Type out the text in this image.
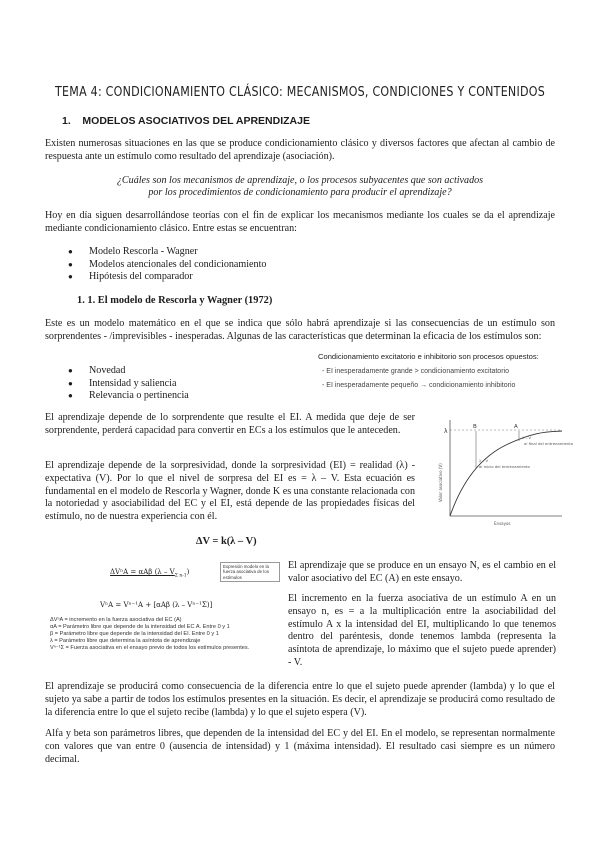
TEMA 4: CONDICIONAMIENTO CLÁSICO: MECANISMOS, CONDICIONES Y CONTENIDOS
1.    MODELOS ASOCIATIVOS DEL APRENDIZAJE
Existen numerosas situaciones en las que se produce condicionamiento clásico y diversos factores que afectan al cambio de respuesta ante un estímulo como resultado del aprendizaje (asociación).
¿Cuáles son los mecanismos de aprendizaje, o los procesos subyacentes que son activados por los procedimientos de condicionamiento para producir el aprendizaje?
Hoy en día siguen desarrollándose teorías con el fin de explicar los mecanismos mediante los cuales se da el aprendizaje mediante condicionamiento clásico. Entre estas se encuentran:
● Modelo Rescorla - Wagner
● Modelos atencionales del condicionamiento
● Hipótesis del comparador
1. 1. El modelo de Rescorla y Wagner (1972)
Este es un modelo matemático en el que se indica que sólo habrá aprendizaje si las consecuencias de un estímulo son sorprendentes - /imprevisibles - inesperadas. Algunas de las características que determinan la eficacia de los estímulos son:
● Novedad
● Intensidad y saliencia
● Relevancia o pertinencia
Condicionamiento excitatorio e inhibitorio son procesos opuestos:
- EI inesperadamente grande > condicionamiento excitatorio
- EI inesperadamente pequeño → condicionamiento inhibitorio
El aprendizaje depende de lo sorprendente que resulte el EI. A medida que deje de ser sorprendente, perderá capacidad para convertir en ECs a los estímulos que le anteceden.
El aprendizaje depende de la sorpresividad, donde la sorpresividad (EI) = realidad (λ) - expectativa (V). Por lo que el nivel de sorpresa del EI es = λ – V. Esta ecuación es fundamental en el modelo de Rescorla y Wagner, donde K es una constante relacionada con la notoriedad y asociabilidad del EC y el EI, está depende de las propiedades físicas del estímulo, no de nuestra experiencia con él.
λ
A
B
λ – V
al final del entrenamiento
λ – V
al inicio del entrenamiento
Valor asociativo (V)
Ensayos
ΔV = k(λ – V)
ΔVⁿA = αAβ $(\lambda - V_{\Sigma n-1})$
Expresión modelo en la fuerza asociativa de los estímulos
VⁿA = Vⁿ⁻¹A + [αAβ (λ – Vⁿ⁻¹Σ)]
ΔVⁿA = incremento en la fuerza asociativa del EC (A)
αA = Parámetro libre que depende de la intensidad del EC A. Entre 0 y 1
β = Parámetro libre que depende de la intensidad del EI. Entre 0 y 1
λ = Parámetro libre que determina la asíntota de aprendizaje
Vⁿ⁻¹Σ = Fuerza asociativa en el ensayo previo de todos los estímulos presentes.
El aprendizaje que se produce en un ensayo N, es el cambio en el valor asociativo del EC (A) en este ensayo.
El incremento en la fuerza asociativa de un estímulo A en un ensayo n, es = a la multiplicación entre la asociabilidad del estímulo A x la intensidad del EI, multiplicando lo que tenemos dentro del paréntesis, donde tenemos lambda (representa la asíntota de aprendizaje, lo máximo que el sujeto puede aprender) - V.
El aprendizaje se producirá como consecuencia de la diferencia entre lo que el sujeto puede aprender (lambda) y lo que el sujeto ya sabe a partir de todos los estímulos presentes en la situación. Es decir, el aprendizaje se producirá como resultado de la diferencia entre lo que el sujeto recibe (lambda) y lo que el sujeto espera (V).
Alfa y beta son parámetros libres, que dependen de la intensidad del EC y del EI. En el modelo, se representan normalmente con valores que van entre 0 (ausencia de intensidad) y 1 (máxima intensidad). El resultado casi siempre es un número decimal.
